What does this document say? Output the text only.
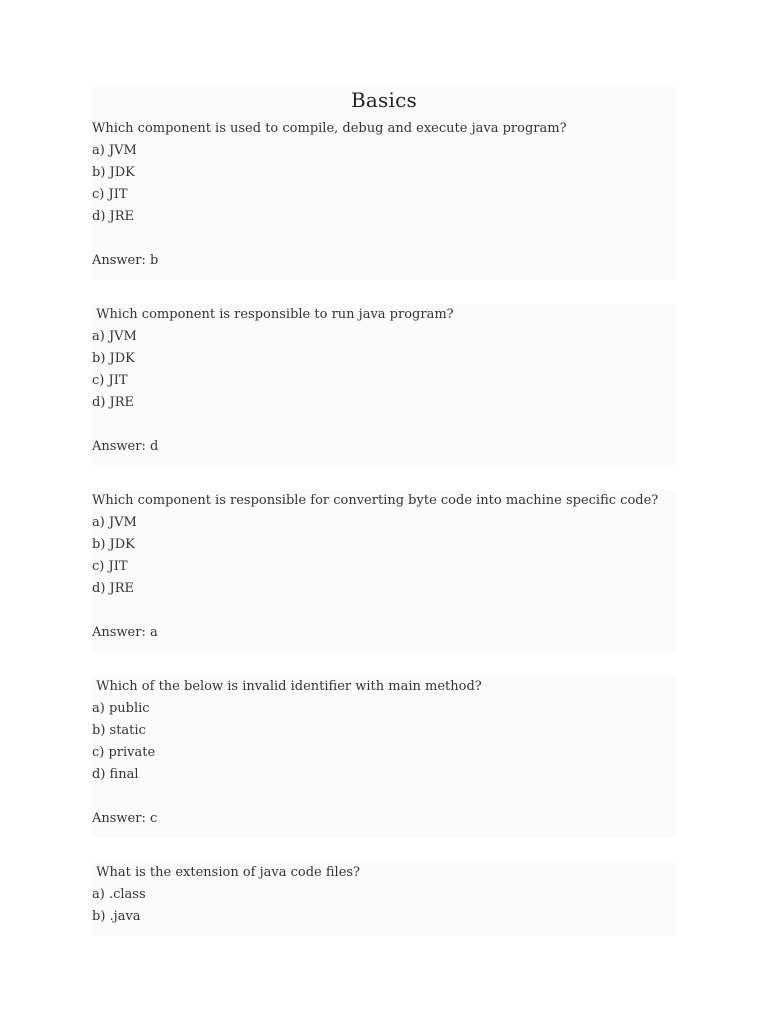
Basics

Which component is used to compile, debug and execute java program?

a) JVM

b) JDK

c) JIT

d) JRE

Answer: b

Which component is responsible to run java program?

a) JVM

b) JDK

c) JIT

d) JRE

Answer: d

Which component is responsible for converting byte code into machine specific code?

a) JVM

b) JDK

c) JIT

d) JRE

Answer: a

Which of the below is invalid identifier with main method?

a) public

b) static

c) private

d) final

Answer: c

What is the extension of java code files?

a) .class

b) .java
